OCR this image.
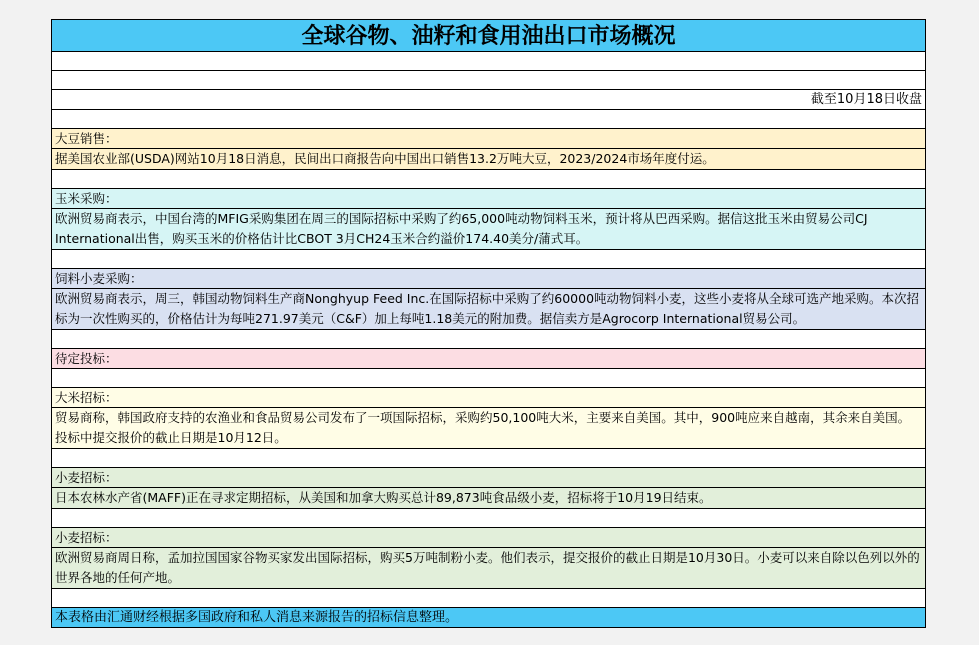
全球谷物、油籽和食用油出口市场概况
截至10月18日收盘
大豆销售：
据美国农业部(USDA)网站10月18日消息，民间出口商报告向中国出口销售13.2万吨大豆，2023/2024市场年度付运。
玉米采购：
欧洲贸易商表示，中国台湾的MFIG采购集团在周三的国际招标中采购了约65,000吨动物饲料玉米，预计将从巴西采购。据信这批玉米由贸易公司CJ International出售，购买玉米的价格估计比CBOT 3月CH24玉米合约溢价174.40美分/蒲式耳。
饲料小麦采购：
欧洲贸易商表示，周三，韩国动物饲料生产商Nonghyup Feed Inc.在国际招标中采购了约60000吨动物饲料小麦，这些小麦将从全球可选产地采购。本次招标为一次性购买的，价格估计为每吨271.97美元（C&F）加上每吨1.18美元的附加费。据信卖方是Agrocorp International贸易公司。
待定投标：
大米招标：
贸易商称，韩国政府支持的农渔业和食品贸易公司发布了一项国际招标，采购约50,100吨大米，主要来自美国。其中，900吨应来自越南，其余来自美国。投标中提交报价的截止日期是10月12日。
小麦招标：
日本农林水产省(MAFF)正在寻求定期招标，从美国和加拿大购买总计89,873吨食品级小麦，招标将于10月19日结束。
小麦招标：
欧洲贸易商周日称，孟加拉国国家谷物买家发出国际招标，购买5万吨制粉小麦。他们表示，提交报价的截止日期是10月30日。小麦可以来自除以色列以外的世界各地的任何产地。
本表格由汇通财经根据多国政府和私人消息来源报告的招标信息整理。
